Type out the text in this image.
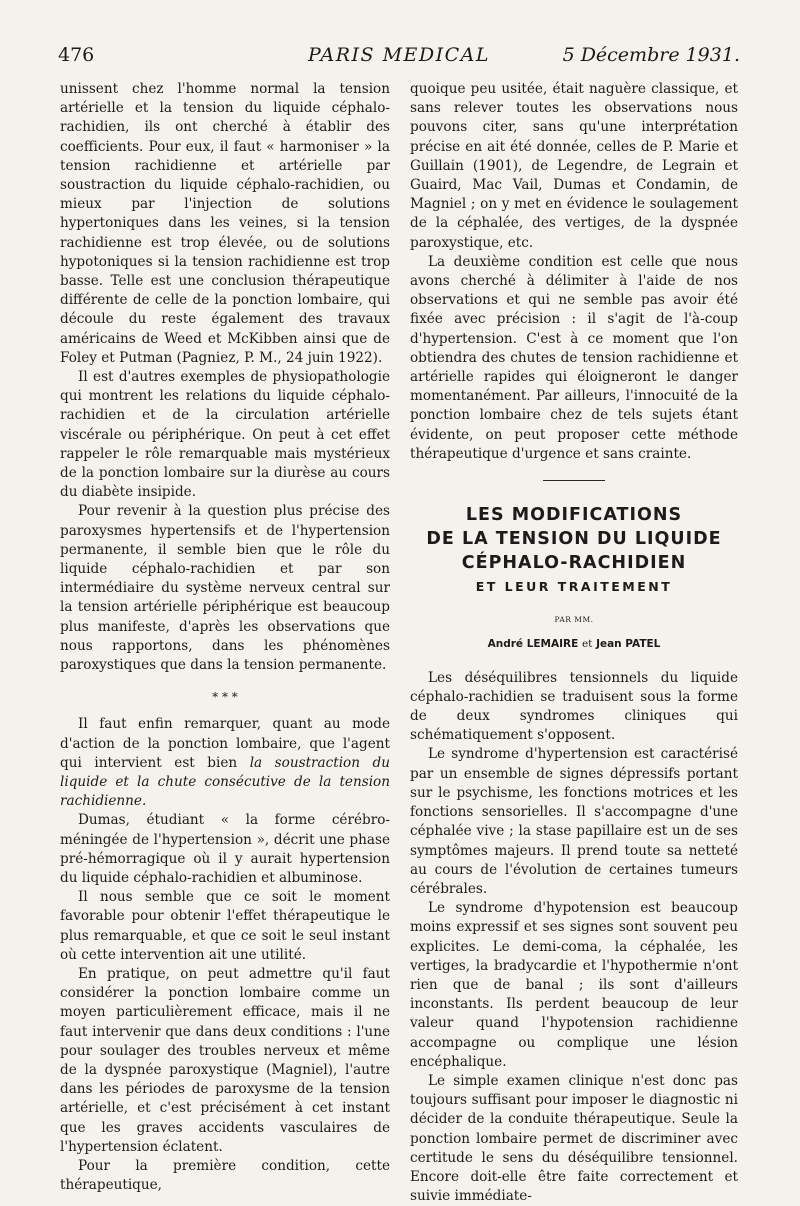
476	PARIS MEDICAL	5 Décembre 1931.

unissent chez l'homme normal la tension artérielle et la tension du liquide céphalo-rachidien, ils ont cherché à établir des coefficients. Pour eux, il faut « harmoniser » la tension rachidienne et artérielle par soustraction du liquide céphalo-rachidien, ou mieux par l'injection de solutions hypertoniques dans les veines, si la tension rachidienne est trop élevée, ou de solutions hypotoniques si la tension rachidienne est trop basse. Telle est une conclusion thérapeutique différente de celle de la ponction lombaire, qui découle du reste également des travaux américains de Weed et McKibben ainsi que de Foley et Putman (Pagniez, P. M., 24 juin 1922).

Il est d'autres exemples de physiopathologie qui montrent les relations du liquide céphalo-rachidien et de la circulation artérielle viscérale ou périphérique. On peut à cet effet rappeler le rôle remarquable mais mystérieux de la ponction lombaire sur la diurèse au cours du diabète insipide.

Pour revenir à la question plus précise des paroxysmes hypertensifs et de l'hypertension permanente, il semble bien que le rôle du liquide céphalo-rachidien et par son intermédiaire du système nerveux central sur la tension artérielle périphérique est beaucoup plus manifeste, d'après les observations que nous rapportons, dans les phénomènes paroxystiques que dans la tension permanente.

* * *

Il faut enfin remarquer, quant au mode d'action de la ponction lombaire, que l'agent qui intervient est bien la soustraction du liquide et la chute consécutive de la tension rachidienne.

Dumas, étudiant « la forme cérébro-méningée de l'hypertension », décrit une phase pré-hémorragique où il y aurait hypertension du liquide céphalo-rachidien et albuminose.

Il nous semble que ce soit le moment favorable pour obtenir l'effet thérapeutique le plus remarquable, et que ce soit le seul instant où cette intervention ait une utilité.

En pratique, on peut admettre qu'il faut considérer la ponction lombaire comme un moyen particulièrement efficace, mais il ne faut intervenir que dans deux conditions : l'une pour soulager des troubles nerveux et même de la dyspnée paroxystique (Magniel), l'autre dans les périodes de paroxysme de la tension artérielle, et c'est précisément à cet instant que les graves accidents vasculaires de l'hypertension éclatent.

Pour la première condition, cette thérapeutique,

quoique peu usitée, était naguère classique, et sans relever toutes les observations nous pouvons citer, sans qu'une interprétation précise en ait été donnée, celles de P. Marie et Guillain (1901), de Legendre, de Legrain et Guaird, Mac Vail, Dumas et Condamin, de Magniel ; on y met en évidence le soulagement de la céphalée, des vertiges, de la dyspnée paroxystique, etc.

La deuxième condition est celle que nous avons cherché à délimiter à l'aide de nos observations et qui ne semble pas avoir été fixée avec précision : il s'agit de l'à-coup d'hypertension. C'est à ce moment que l'on obtiendra des chutes de tension rachidienne et artérielle rapides qui éloigneront le danger momentanément. Par ailleurs, l'innocuité de la ponction lombaire chez de tels sujets étant évidente, on peut proposer cette méthode thérapeutique d'urgence et sans crainte.

LES MODIFICATIONS
DE LA TENSION DU LIQUIDE
CÉPHALO-RACHIDIEN
ET LEUR TRAITEMENT
PAR MM.
André LEMAIRE et Jean PATEL

Les déséquilibres tensionnels du liquide céphalo-rachidien se traduisent sous la forme de deux syndromes cliniques qui schématiquement s'opposent.

Le syndrome d'hypertension est caractérisé par un ensemble de signes dépressifs portant sur le psychisme, les fonctions motrices et les fonctions sensorielles. Il s'accompagne d'une céphalée vive ; la stase papillaire est un de ses symptômes majeurs. Il prend toute sa netteté au cours de l'évolution de certaines tumeurs cérébrales.

Le syndrome d'hypotension est beaucoup moins expressif et ses signes sont souvent peu explicites. Le demi-coma, la céphalée, les vertiges, la bradycardie et l'hypothermie n'ont rien que de banal ; ils sont d'ailleurs inconstants. Ils perdent beaucoup de leur valeur quand l'hypotension rachidienne accompagne ou complique une lésion encéphalique.

Le simple examen clinique n'est donc pas toujours suffisant pour imposer le diagnostic ni décider de la conduite thérapeutique. Seule la ponction lombaire permet de discriminer avec certitude le sens du déséquilibre tensionnel. Encore doit-elle être faite correctement et suivie immédiate-
